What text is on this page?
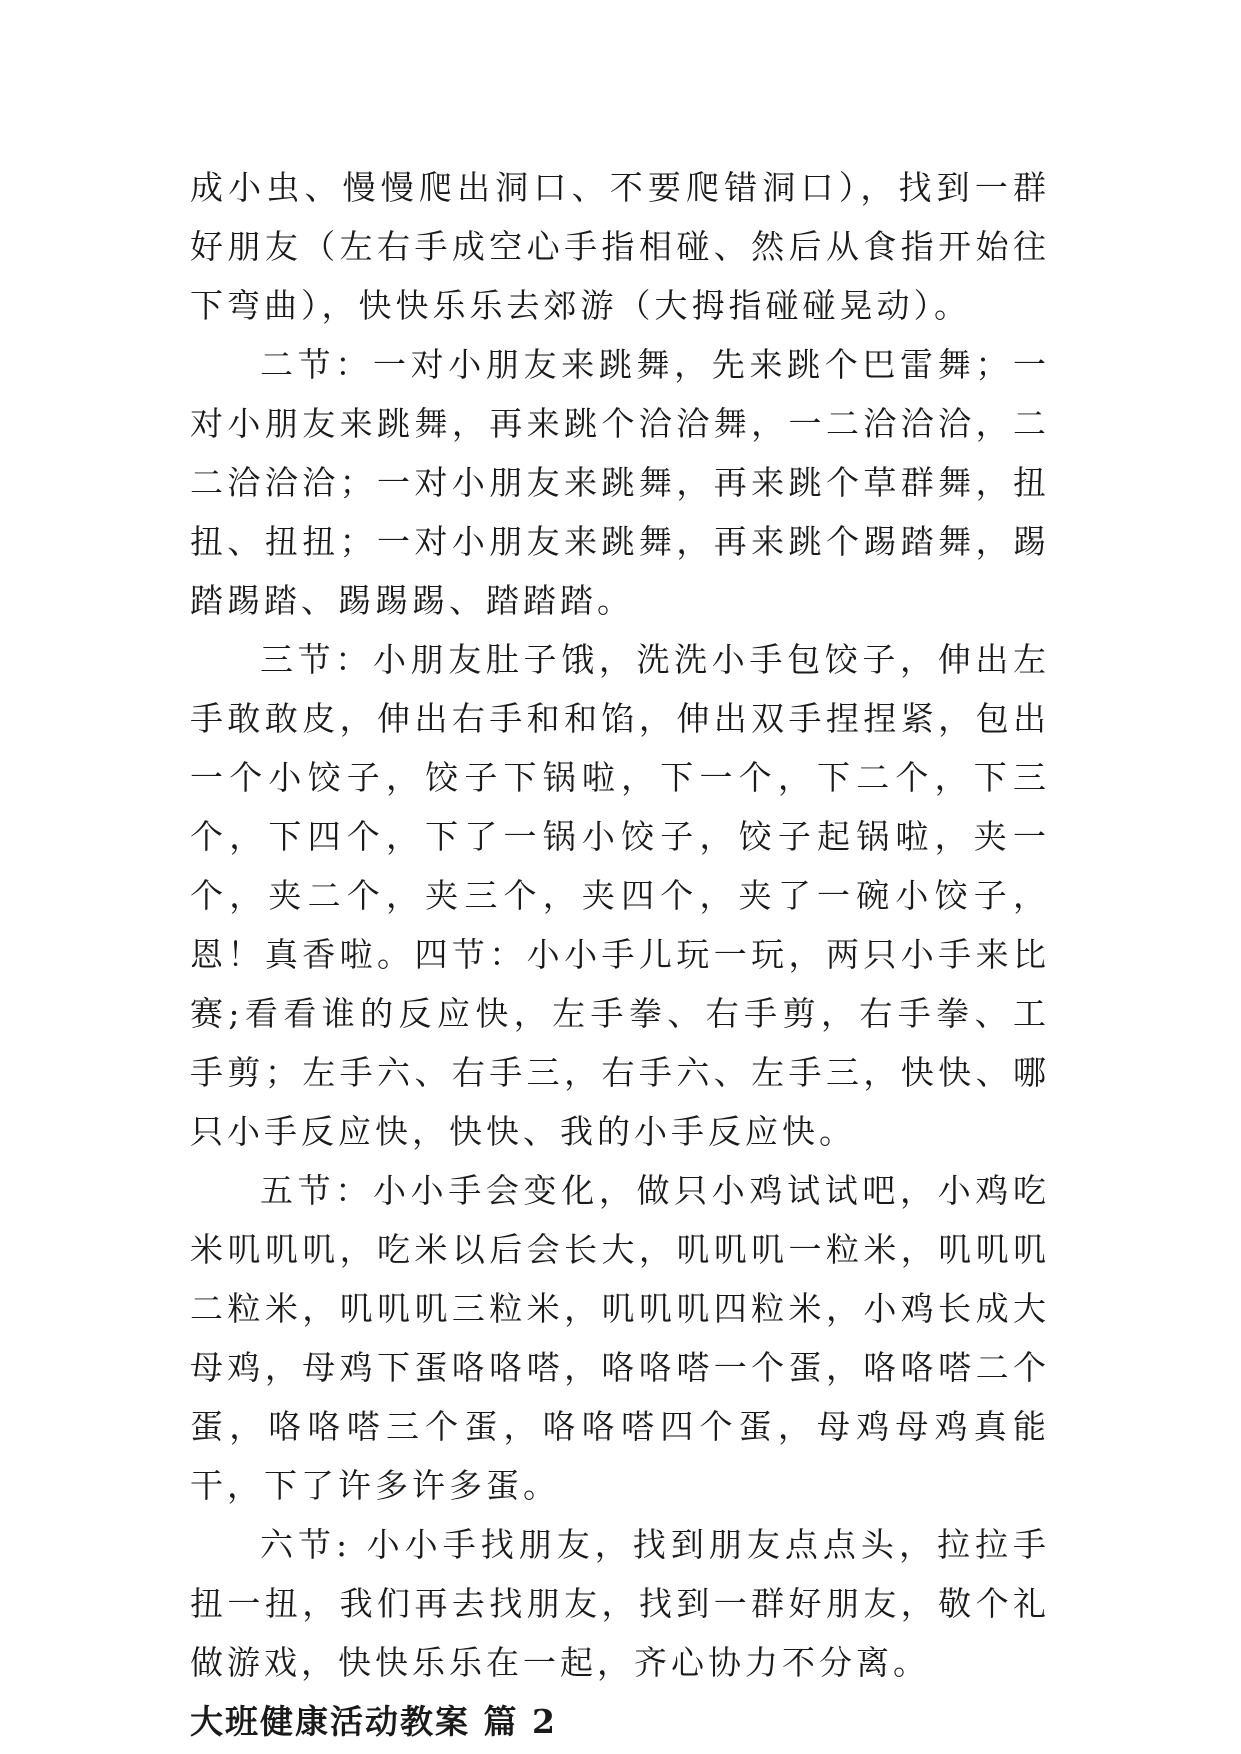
成小虫、慢慢爬出洞口、不要爬错洞口），找到一群好朋友（左右手成空心手指相碰、然后从食指开始往下弯曲），快快乐乐去郊游（大拇指碰碰晃动）。

二节：一对小朋友来跳舞，先来跳个巴雷舞；一对小朋友来跳舞，再来跳个洽洽舞，一二洽洽洽，二二洽洽洽；一对小朋友来跳舞，再来跳个草群舞，扭扭、扭扭；一对小朋友来跳舞，再来跳个踢踏舞，踢踏踢踏、踢踢踢、踏踏踏。

三节：小朋友肚子饿，洗洗小手包饺子，伸出左手敢敢皮，伸出右手和和馅，伸出双手捏捏紧，包出一个小饺子，饺子下锅啦，下一个，下二个，下三个，下四个，下了一锅小饺子，饺子起锅啦，夹一个，夹二个，夹三个，夹四个，夹了一碗小饺子，恩！真香啦。四节：小小手儿玩一玩，两只小手来比赛;看看谁的反应快，左手拳、右手剪，右手拳、工手剪；左手六、右手三，右手六、左手三，快快、哪只小手反应快，快快、我的小手反应快。

五节：小小手会变化，做只小鸡试试吧，小鸡吃米叽叽叽，吃米以后会长大，叽叽叽一粒米，叽叽叽二粒米，叽叽叽三粒米，叽叽叽四粒米，小鸡长成大母鸡，母鸡下蛋咯咯嗒，咯咯嗒一个蛋，咯咯嗒二个蛋，咯咯嗒三个蛋，咯咯嗒四个蛋，母鸡母鸡真能干，下了许多许多蛋。

六节: 小小手找朋友，找到朋友点点头，拉拉手扭一扭，我们再去找朋友，找到一群好朋友，敬个礼做游戏，快快乐乐在一起，齐心协力不分离。

大班健康活动教案 篇 2
